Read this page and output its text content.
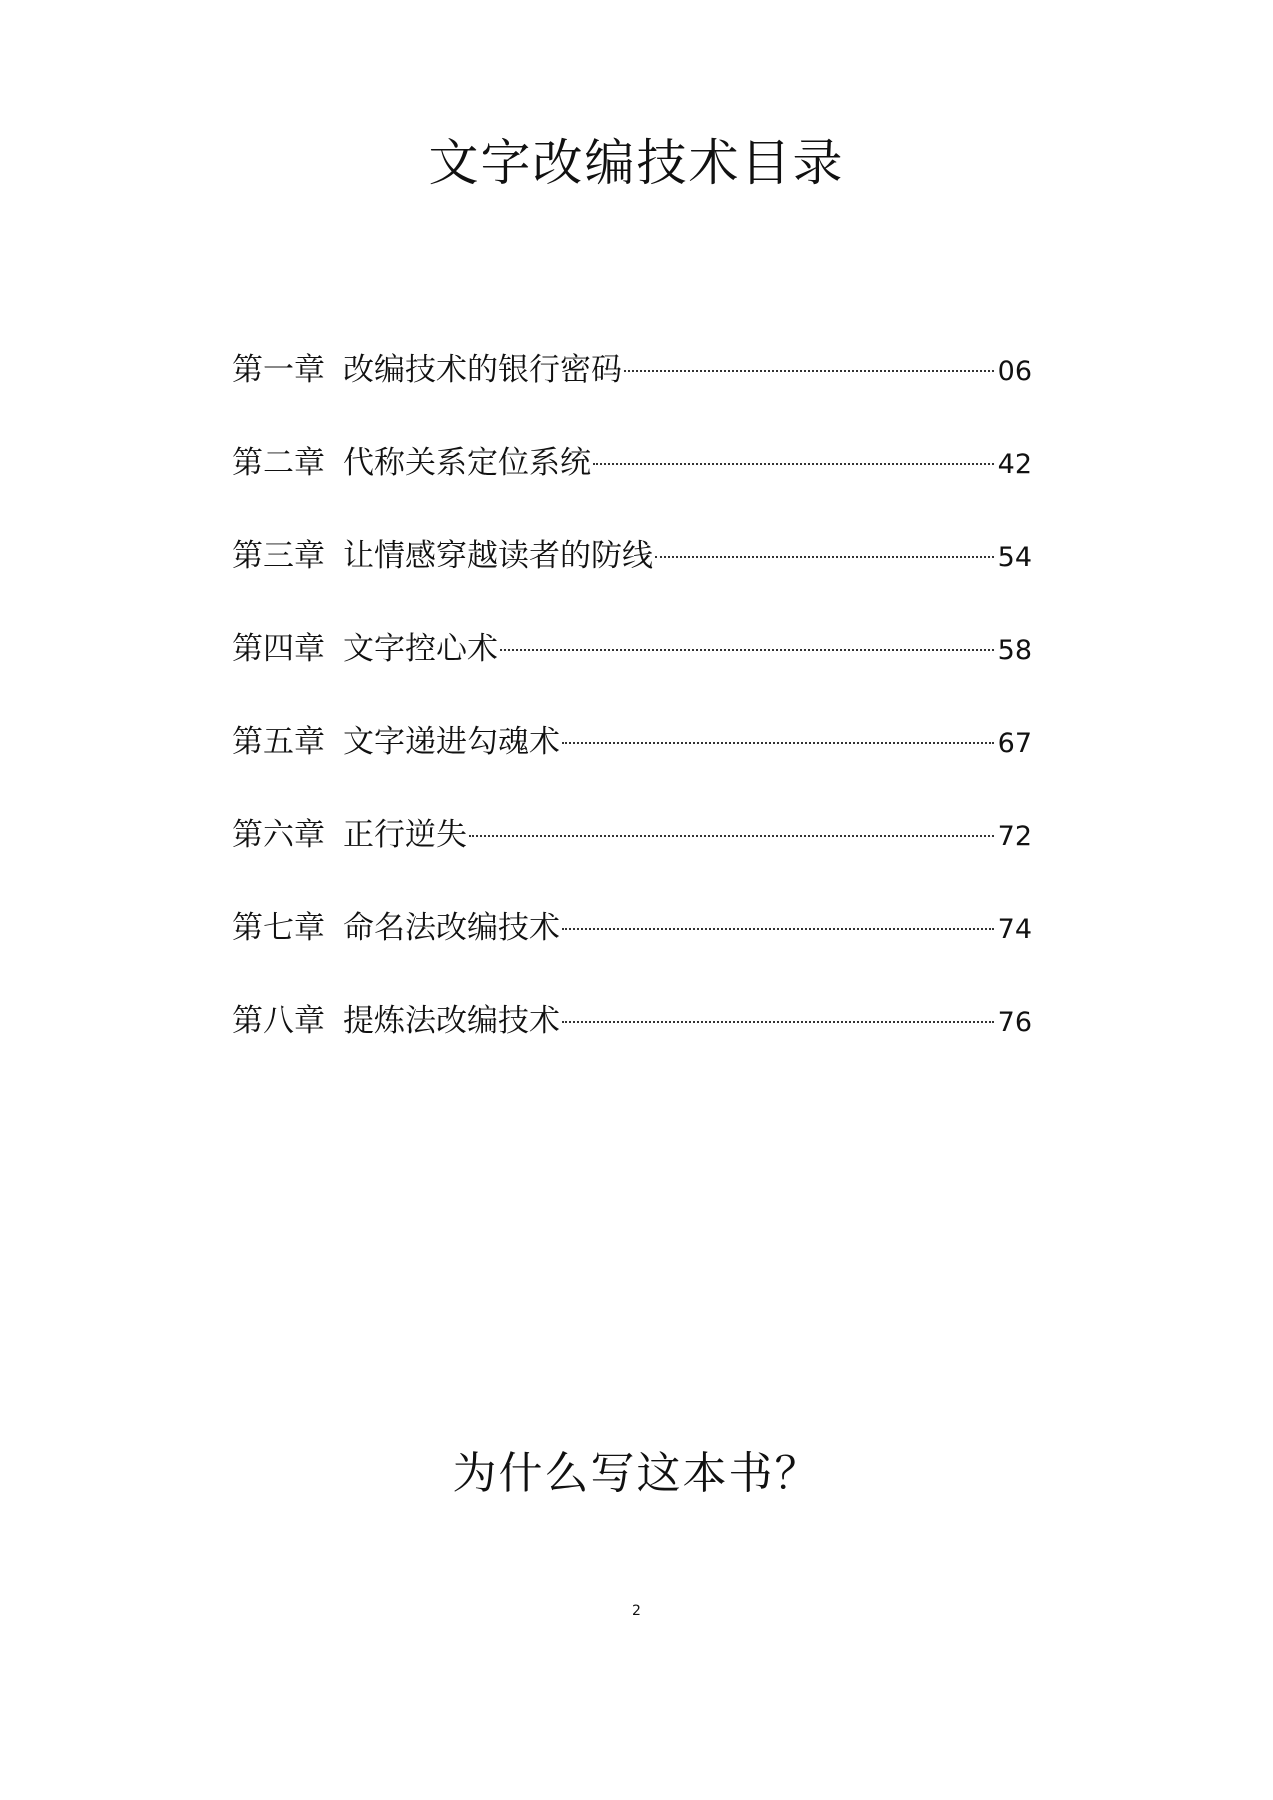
文字改编技术目录
第一章 改编技术的银行密码	06
第二章 代称关系定位系统	42
第三章 让情感穿越读者的防线	54
第四章 文字控心术	58
第五章 文字递进勾魂术	67
第六章 正行逆失	72
第七章 命名法改编技术	74
第八章 提炼法改编技术	76
为什么写这本书？
2
